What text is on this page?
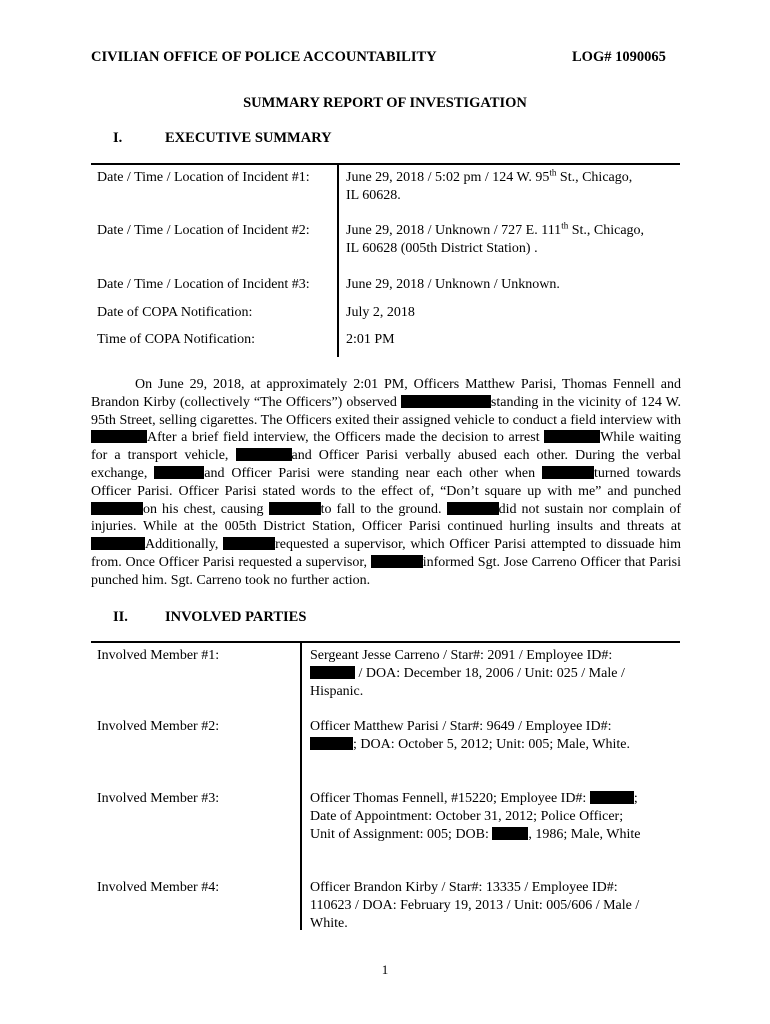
CIVILIAN OFFICE OF POLICE ACCOUNTABILITY	LOG# 1090065
SUMMARY REPORT OF INVESTIGATION
I.	EXECUTIVE SUMMARY
Date / Time / Location of Incident #1:	June 29, 2018 / 5:02 pm / 124 W. 95th St., Chicago,
IL 60628.
Date / Time / Location of Incident #2:	June 29, 2018 / Unknown / 727 E. 111th St., Chicago,
IL 60628 (005th District Station) .
Date / Time / Location of Incident #3:	June 29, 2018 / Unknown / Unknown.
Date of COPA Notification:	July 2, 2018
Time of COPA Notification:	2:01 PM
On June 29, 2018, at approximately 2:01 PM, Officers Matthew Parisi, Thomas Fennell and Brandon Kirby (collectively “The Officers”) observed	standing in the vicinity of 124 W. 95th Street, selling cigarettes. The Officers exited their assigned vehicle to conduct a field interview with After a brief field interview, the Officers made the decision to arrest	While waiting for a transport vehicle,	and Officer Parisi verbally abused each other. During the verbal exchange,	and Officer Parisi were standing near each other when	turned towards Officer Parisi. Officer Parisi stated words to the effect of, “Don’t square up with me” and punched on his chest, causing	to fall to the ground.	did not sustain nor complain of injuries. While at the 005th District Station, Officer Parisi continued hurling insults and threats at Additionally,	requested a supervisor, which Officer Parisi attempted to dissuade him from. Once Officer Parisi requested a supervisor,	informed Sgt. Jose Carreno Officer that Parisi punched him. Sgt. Carreno took no further action.
II.	INVOLVED PARTIES
Involved Member #1:	Sergeant Jesse Carreno / Star#: 2091 / Employee ID#:
/ DOA: December 18, 2006 / Unit: 025 / Male /
Hispanic.
Involved Member #2:	Officer Matthew Parisi / Star#: 9649 / Employee ID#:
; DOA: October 5, 2012; Unit: 005; Male, White.
Involved Member #3:	Officer Thomas Fennell, #15220; Employee ID#:	;
Date of Appointment: October 31, 2012; Police Officer;
Unit of Assignment: 005; DOB:	, 1986; Male, White
Involved Member #4:	Officer Brandon Kirby / Star#: 13335 / Employee ID#:
110623 / DOA: February 19, 2013 / Unit: 005/606 / Male /
White.
1
